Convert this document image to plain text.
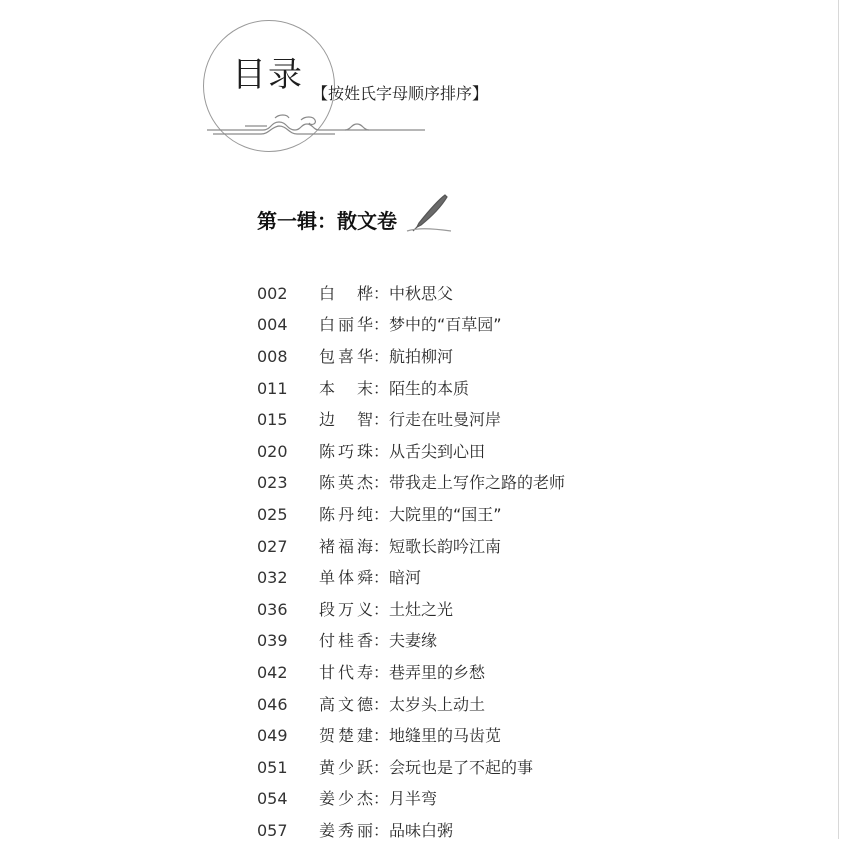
目录 【按姓氏字母顺序排序】
第一辑：散文卷
002	白桦 ： 中秋思父
004	白丽华 ： 梦中的“百草园”
008	包喜华 ： 航拍柳河
011	本末 ： 陌生的本质
015	边智 ： 行走在吐曼河岸
020	陈巧珠 ： 从舌尖到心田
023	陈英杰 ： 带我走上写作之路的老师
025	陈丹纯 ： 大院里的“国王”
027	褚福海 ： 短歌长韵吟江南
032	单体舜 ： 暗河
036	段万义 ： 土灶之光
039	付桂香 ： 夫妻缘
042	甘代寿 ： 巷弄里的乡愁
046	高文德 ： 太岁头上动土
049	贺楚建 ： 地缝里的马齿苋
051	黄少跃 ： 会玩也是了不起的事
054	姜少杰 ： 月半弯
057	姜秀丽 ： 品味白粥
